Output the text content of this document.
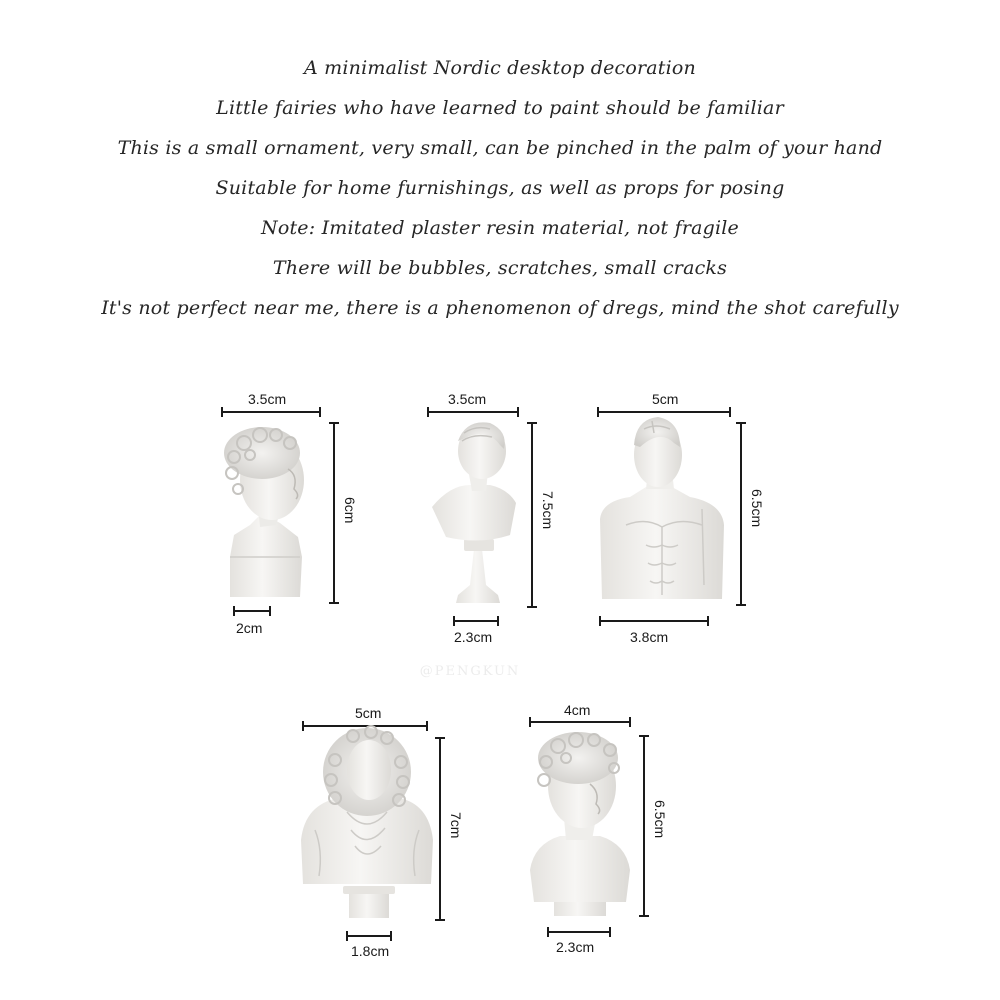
A minimalist Nordic desktop decoration
Little fairies who have learned to paint should be familiar
This is a small ornament, very small, can be pinched in the palm of your hand
Suitable for home furnishings, as well as props for posing
Note: Imitated plaster resin material, not fragile
There will be bubbles, scratches, small cracks
It's not perfect near me, there is a phenomenon of dregs, mind the shot carefully
3.5cm
6cm
2cm
3.5cm
7.5cm
2.3cm
5cm
6.5cm
3.8cm
5cm
7cm
1.8cm
4cm
6.5cm
2.3cm
@PENGKUN
